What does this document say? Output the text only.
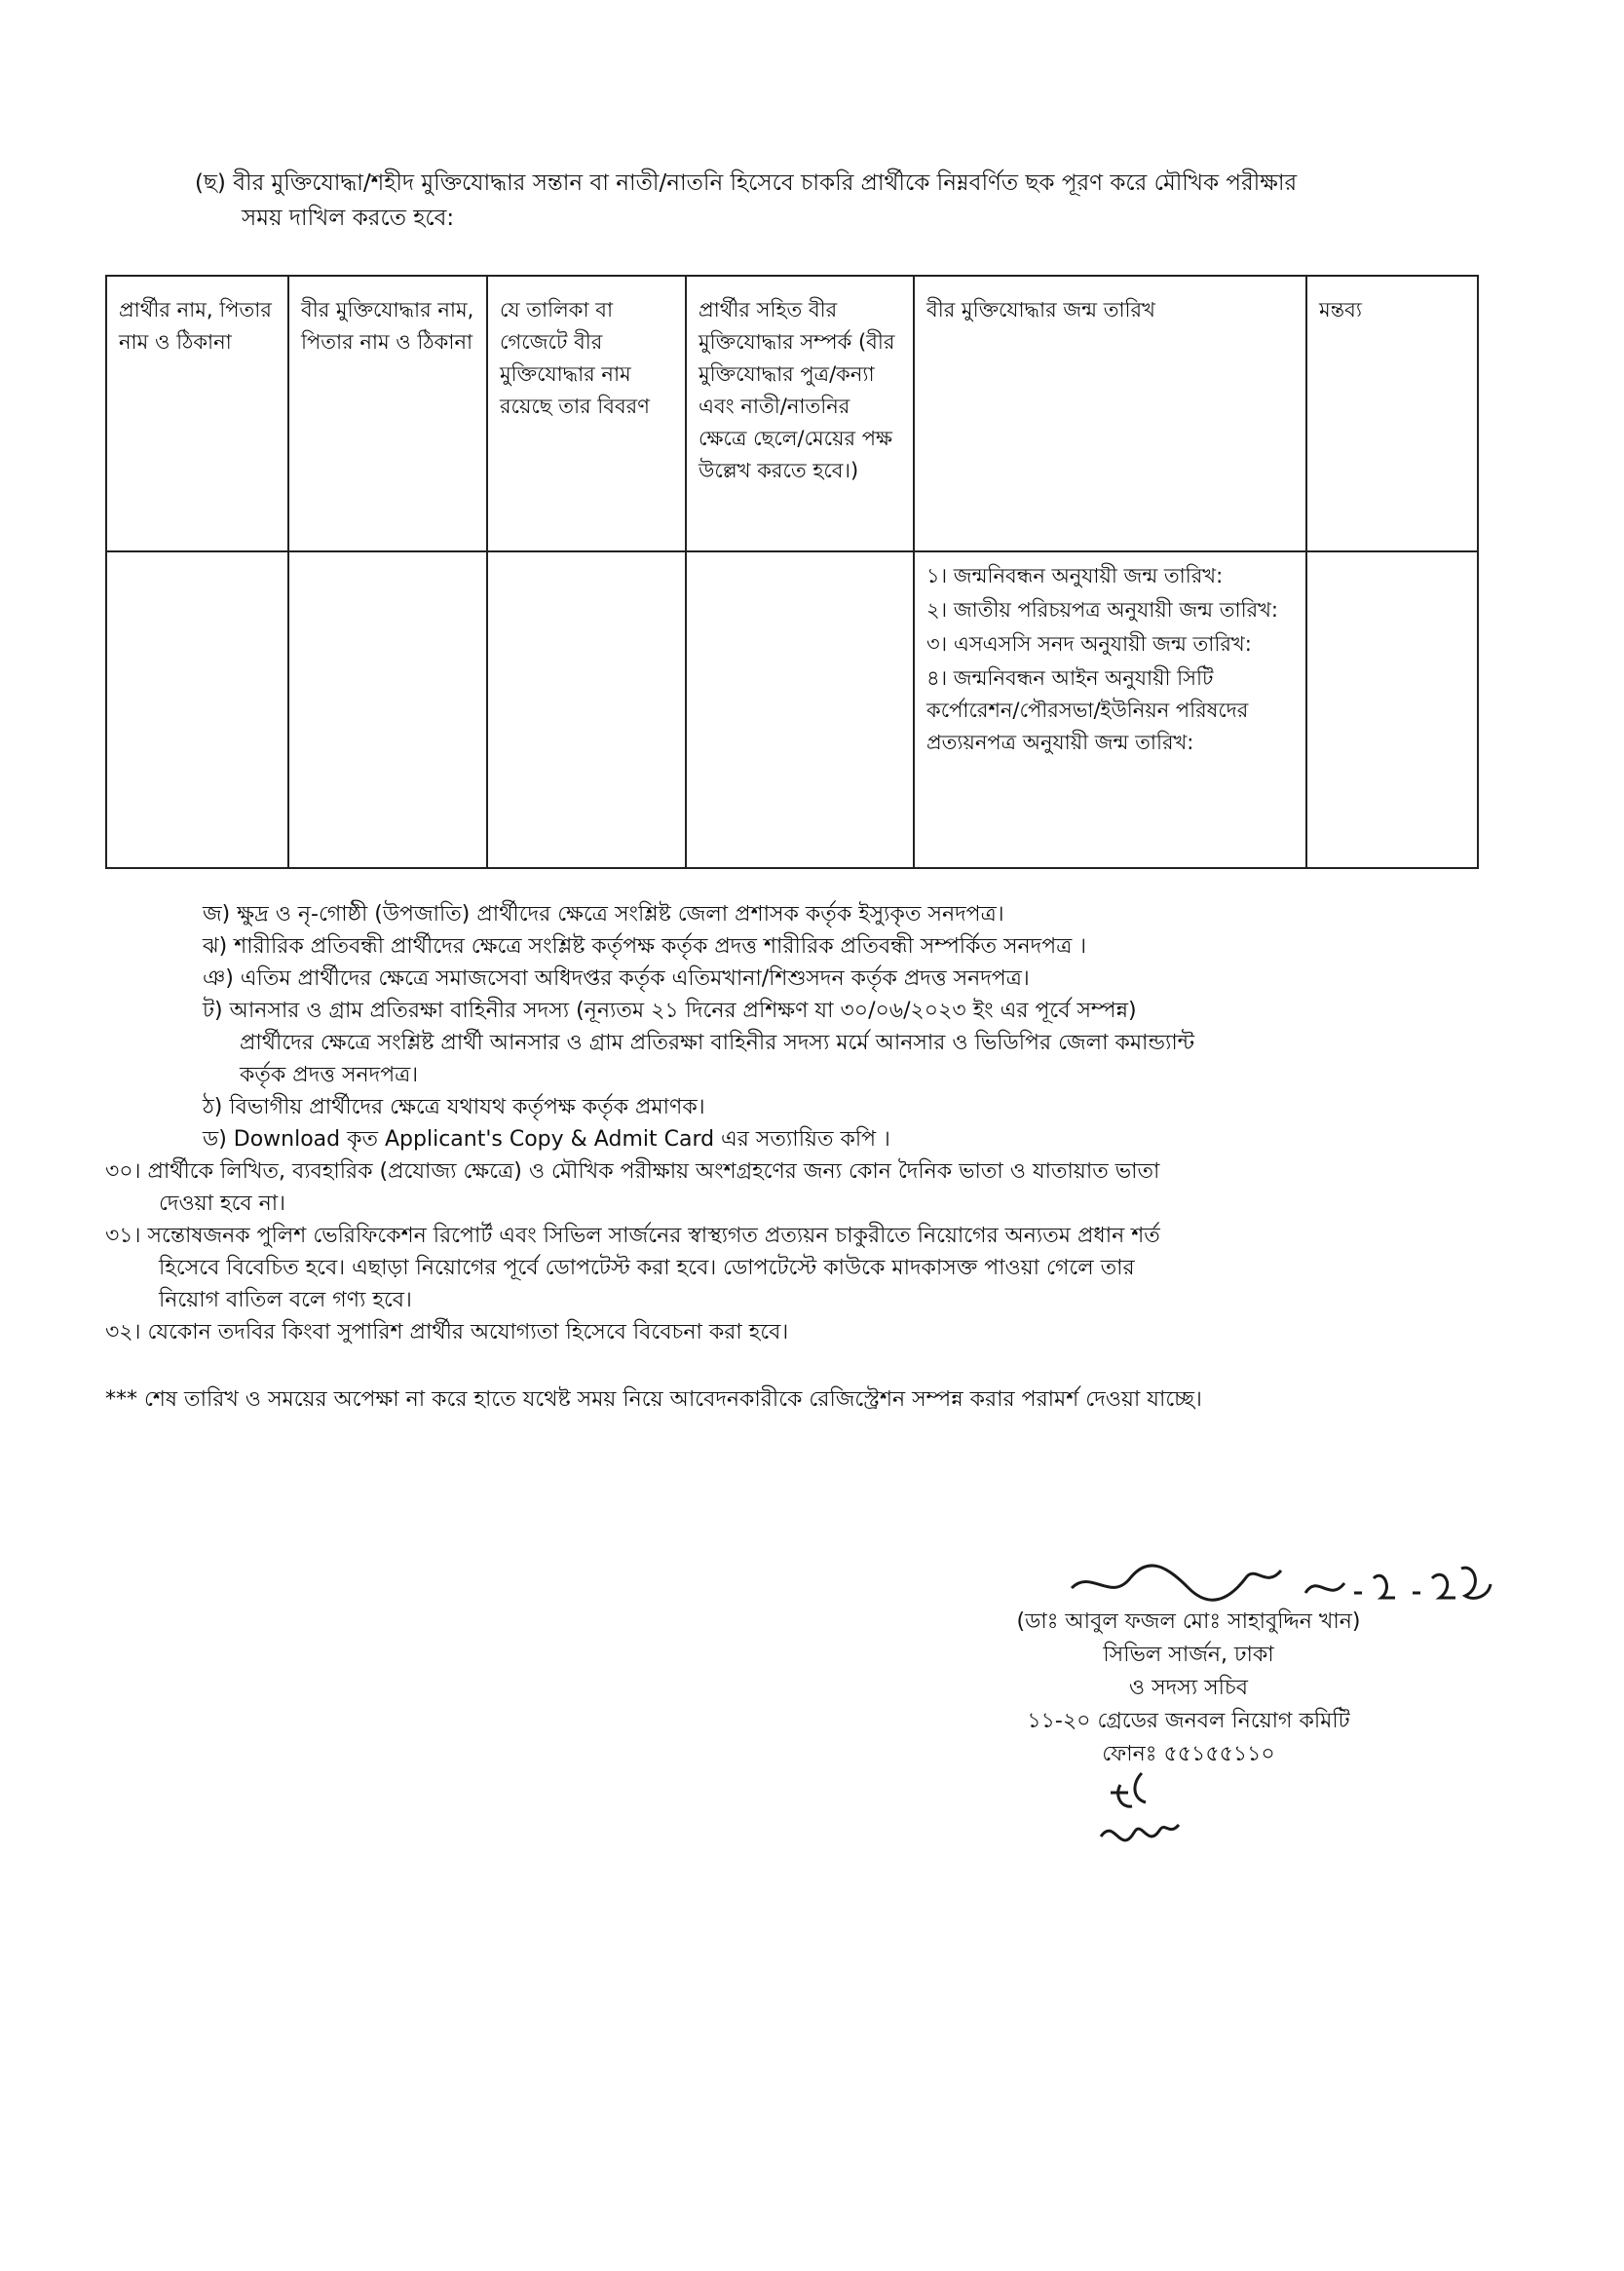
(ছ) বীর মুক্তিযোদ্ধা/শহীদ মুক্তিযোদ্ধার সন্তান বা নাতী/নাতনি হিসেবে চাকরি প্রার্থীকে নিম্নবর্ণিত ছক পূরণ করে মৌখিক পরীক্ষার
সময় দাখিল করতে হবে:
প্রার্থীর নাম, পিতার নাম ও ঠিকানা	বীর মুক্তিযোদ্ধার নাম, পিতার নাম ও ঠিকানা	যে তালিকা বা গেজেটে বীর মুক্তিযোদ্ধার নাম রয়েছে তার বিবরণ	প্রার্থীর সহিত বীর মুক্তিযোদ্ধার সম্পর্ক (বীর মুক্তিযোদ্ধার পুত্র/কন্যা এবং নাতী/নাতনির ক্ষেত্রে ছেলে/মেয়ের পক্ষ উল্লেখ করতে হবে।)	বীর মুক্তিযোদ্ধার জন্ম তারিখ	মন্তব্য

				১। জন্মনিবন্ধন অনুযায়ী জন্ম তারিখ:
২। জাতীয় পরিচয়পত্র অনুযায়ী জন্ম তারিখ:
৩। এসএসসি সনদ অনুযায়ী জন্ম তারিখ:
৪। জন্মনিবন্ধন আইন অনুযায়ী সিটি কর্পোরেশন/পৌরসভা/ইউনিয়ন পরিষদের প্রত্যয়নপত্র অনুযায়ী জন্ম তারিখ:	

জ) ক্ষুদ্র ও নৃ-গোষ্ঠী (উপজাতি) প্রার্থীদের ক্ষেত্রে সংশ্লিষ্ট জেলা প্রশাসক কর্তৃক ইস্যুকৃত সনদপত্র।

ঝ) শারীরিক প্রতিবন্ধী প্রার্থীদের ক্ষেত্রে সংশ্লিষ্ট কর্তৃপক্ষ কর্তৃক প্রদত্ত শারীরিক প্রতিবন্ধী সম্পর্কিত সনদপত্র ।

ঞ) এতিম প্রার্থীদের ক্ষেত্রে সমাজসেবা অধিদপ্তর কর্তৃক এতিমখানা/শিশুসদন কর্তৃক প্রদত্ত সনদপত্র।

ট) আনসার ও গ্রাম প্রতিরক্ষা বাহিনীর সদস্য (নূন্যতম ২১ দিনের প্রশিক্ষণ যা ৩০/০৬/২০২৩ ইং এর পূর্বে সম্পন্ন)

প্রার্থীদের ক্ষেত্রে সংশ্লিষ্ট প্রার্থী আনসার ও গ্রাম প্রতিরক্ষা বাহিনীর সদস্য মর্মে আনসার ও ভিডিপির জেলা কমান্ড্যান্ট

কর্তৃক প্রদত্ত সনদপত্র।

ঠ) বিভাগীয় প্রার্থীদের ক্ষেত্রে যথাযথ কর্তৃপক্ষ কর্তৃক প্রমাণক।

ড) Download কৃত Applicant's Copy & Admit Card এর সত্যায়িত কপি ।

৩০। প্রার্থীকে লিখিত, ব্যবহারিক (প্রযোজ্য ক্ষেত্রে) ও মৌখিক পরীক্ষায় অংশগ্রহণের জন্য কোন দৈনিক ভাতা ও যাতায়াত ভাতা

দেওয়া হবে না।

৩১। সন্তোষজনক পুলিশ ভেরিফিকেশন রিপোর্ট এবং সিভিল সার্জনের স্বাস্থ্যগত প্রত্যয়ন চাকুরীতে নিয়োগের অন্যতম প্রধান শর্ত

হিসেবে বিবেচিত হবে। এছাড়া নিয়োগের পূর্বে ডোপটেস্ট করা হবে। ডোপটেস্টে কাউকে মাদকাসক্ত পাওয়া গেলে তার

নিয়োগ বাতিল বলে গণ্য হবে।

৩২। যেকোন তদবির কিংবা সুপারিশ প্রার্থীর অযোগ্যতা হিসেবে বিবেচনা করা হবে।

*** শেষ তারিখ ও সময়ের অপেক্ষা না করে হাতে যথেষ্ট সময় নিয়ে আবেদনকারীকে রেজিস্ট্রেশন সম্পন্ন করার পরামর্শ দেওয়া যাচ্ছে।
(ডাঃ আবুল ফজল মোঃ সাহাবুদ্দিন খান)
সিভিল সার্জন, ঢাকা
ও সদস্য সচিব
১১-২০ গ্রেডের জনবল নিয়োগ কমিটি
ফোনঃ ৫৫১৫৫১১০
